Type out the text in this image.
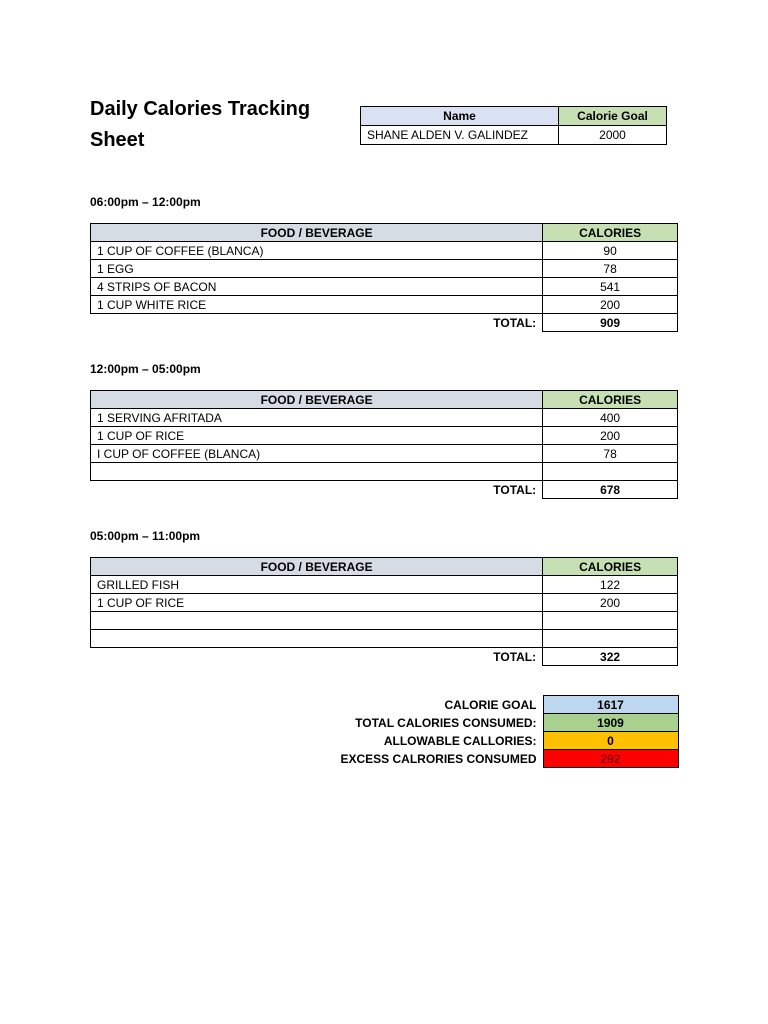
Daily Calories Tracking Sheet
Name	Calorie Goal
SHANE ALDEN V. GALINDEZ	2000
06:00pm – 12:00pm
FOOD / BEVERAGE	CALORIES
1 CUP OF COFFEE (BLANCA)	90
1 EGG	78
4 STRIPS OF BACON	541
1 CUP WHITE RICE	200
TOTAL:	909
12:00pm – 05:00pm
FOOD / BEVERAGE	CALORIES
1 SERVING AFRITADA	400
1 CUP OF RICE	200
I CUP OF COFFEE (BLANCA)	78

TOTAL:	678
05:00pm – 11:00pm
FOOD / BEVERAGE	CALORIES
GRILLED FISH	122
1 CUP OF RICE	200

TOTAL:	322
CALORIE GOAL	1617
TOTAL CALORIES CONSUMED:	1909
ALLOWABLE CALLORIES:	0
EXCESS CALRORIES CONSUMED	292
